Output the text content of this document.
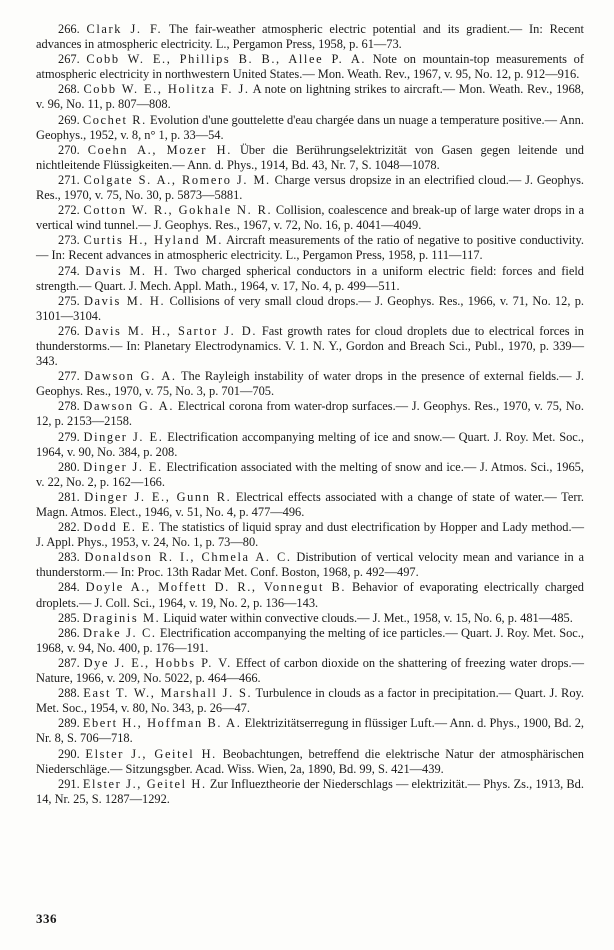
266. Clark J. F. The fair-weather atmospheric electric potential and its gradient.— In: Recent advances in atmospheric electricity. L., Pergamon Press, 1958, p. 61—73.

267. Cobb W. E., Phillips B. B., Allee P. A. Note on mountain-top measurements of atmospheric electricity in northwestern United States.— Mon. Weath. Rev., 1967, v. 95, No. 12, p. 912—916.

268. Cobb W. E., Holitza F. J. A note on lightning strikes to aircraft.— Mon. Weath. Rev., 1968, v. 96, No. 11, p. 807—808.

269. Cochet R. Evolution d'une gouttelette d'eau chargée dans un nuage a temperature positive.— Ann. Geophys., 1952, v. 8, n° 1, p. 33—54.

270. Coehn A., Mozer H. Über die Berührungselektrizität von Gasen gegen leitende und nichtleitende Flüssigkeiten.— Ann. d. Phys., 1914, Bd. 43, Nr. 7, S. 1048—1078.

271. Colgate S. A., Romero J. M. Charge versus dropsize in an electrified cloud.— J. Geophys. Res., 1970, v. 75, No. 30, p. 5873—5881.

272. Cotton W. R., Gokhale N. R. Collision, coalescence and break-up of large water drops in a vertical wind tunnel.— J. Geophys. Res., 1967, v. 72, No. 16, p. 4041—4049.

273. Curtis H., Hyland M. Aircraft measurements of the ratio of negative to positive conductivity.— In: Recent advances in atmospheric electricity. L., Pergamon Press, 1958, p. 111—117.

274. Davis M. H. Two charged spherical conductors in a uniform electric field: forces and field strength.— Quart. J. Mech. Appl. Math., 1964, v. 17, No. 4, p. 499—511.

275. Davis M. H. Collisions of very small cloud drops.— J. Geophys. Res., 1966, v. 71, No. 12, p. 3101—3104.

276. Davis M. H., Sartor J. D. Fast growth rates for cloud droplets due to electrical forces in thunderstorms.— In: Planetary Electrodynamics. V. 1. N. Y., Gordon and Breach Sci., Publ., 1970, p. 339—343.

277. Dawson G. A. The Rayleigh instability of water drops in the presence of external fields.— J. Geophys. Res., 1970, v. 75, No. 3, p. 701—705.

278. Dawson G. A. Electrical corona from water-drop surfaces.— J. Geophys. Res., 1970, v. 75, No. 12, p. 2153—2158.

279. Dinger J. E. Electrification accompanying melting of ice and snow.— Quart. J. Roy. Met. Soc., 1964, v. 90, No. 384, p. 208.

280. Dinger J. E. Electrification associated with the melting of snow and ice.— J. Atmos. Sci., 1965, v. 22, No. 2, p. 162—166.

281. Dinger J. E., Gunn R. Electrical effects associated with a change of state of water.— Terr. Magn. Atmos. Elect., 1946, v. 51, No. 4, p. 477—496.

282. Dodd E. E. The statistics of liquid spray and dust electrification by Hopper and Lady method.— J. Appl. Phys., 1953, v. 24, No. 1, p. 73—80.

283. Donaldson R. I., Chmela A. C. Distribution of vertical velocity mean and variance in a thunderstorm.— In: Proc. 13th Radar Met. Conf. Boston, 1968, p. 492—497.

284. Doyle A., Moffett D. R., Vonnegut B. Behavior of evaporating electrically charged droplets.— J. Coll. Sci., 1964, v. 19, No. 2, p. 136—143.

285. Draginis M. Liquid water within convective clouds.— J. Met., 1958, v. 15, No. 6, p. 481—485.

286. Drake J. C. Electrification accompanying the melting of ice particles.— Quart. J. Roy. Met. Soc., 1968, v. 94, No. 400, p. 176—191.

287. Dye J. E., Hobbs P. V. Effect of carbon dioxide on the shattering of freezing water drops.— Nature, 1966, v. 209, No. 5022, p. 464—466.

288. East T. W., Marshall J. S. Turbulence in clouds as a factor in precipitation.— Quart. J. Roy. Met. Soc., 1954, v. 80, No. 343, p. 26—47.

289. Ebert H., Hoffman B. A. Elektrizitätserregung in flüssiger Luft.— Ann. d. Phys., 1900, Bd. 2, Nr. 8, S. 706—718.

290. Elster J., Geitel H. Beobachtungen, betreffend die elektrische Natur der atmosphärischen Niederschläge.— Sitzungsgber. Acad. Wiss. Wien, 2a, 1890, Bd. 99, S. 421—439.

291. Elster J., Geitel H. Zur Influeztheorie der Niederschlags — elektrizität.— Phys. Zs., 1913, Bd. 14, Nr. 25, S. 1287—1292.

336
